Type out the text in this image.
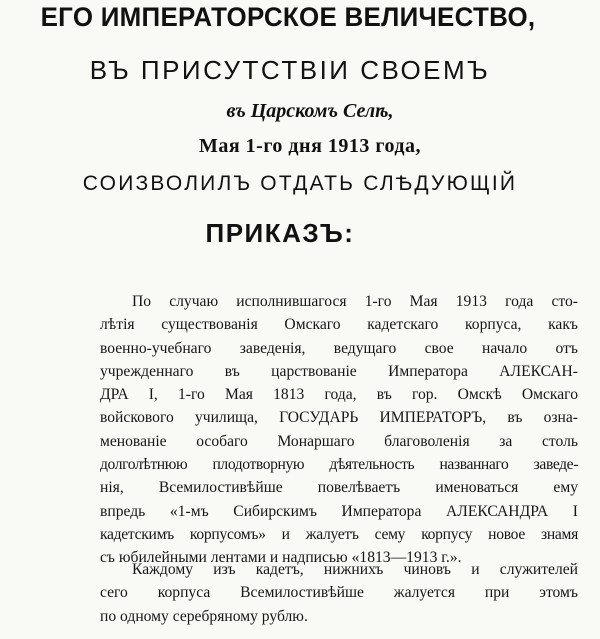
ЕГО ИМПЕРАТОРСКОЕ ВЕЛИЧЕСТВО,
ВЪ ПРИСУТСТВІИ СВОЕМЪ
въ Царскомъ Селѣ,
Мая 1-го дня 1913 года,
СОИЗВОЛИЛЪ ОТДАТЬ СЛѢДУЮЩІЙ
ПРИКАЗЪ:
По случаю исполнившагося 1-го Мая 1913 года сто-
лѣтія существованія Омскаго кадетскаго корпуса, какъ
военно-учебнаго заведенія, ведущаго свое начало отъ
учрежденнаго въ царствованіе Императора АЛЕКСАН-
ДРА I, 1-го Мая 1813 года, въ гор. Омскѣ Омскаго
войскового училища, ГОСУДАРЬ ИМПЕРАТОРЪ, въ озна-
менованіе особаго Монаршаго благоволенія за столь
долголѣтнюю плодотворную дѣятельность названнаго заведе-
нія, Всемилостивѣйше повелѣваетъ именоваться ему
впредь «1-мъ Сибирскимъ Императора АЛЕКСАНДРА I
кадетскимъ корпусомъ» и жалуетъ сему корпусу новое знамя
съ юбилейными лентами и надписью «1813—1913 г.».
Каждому изъ кадетъ, нижнихъ чиновъ и служителей
сего корпуса Всемилостивѣйше жалуется при этомъ
по одному серебряному рублю.
